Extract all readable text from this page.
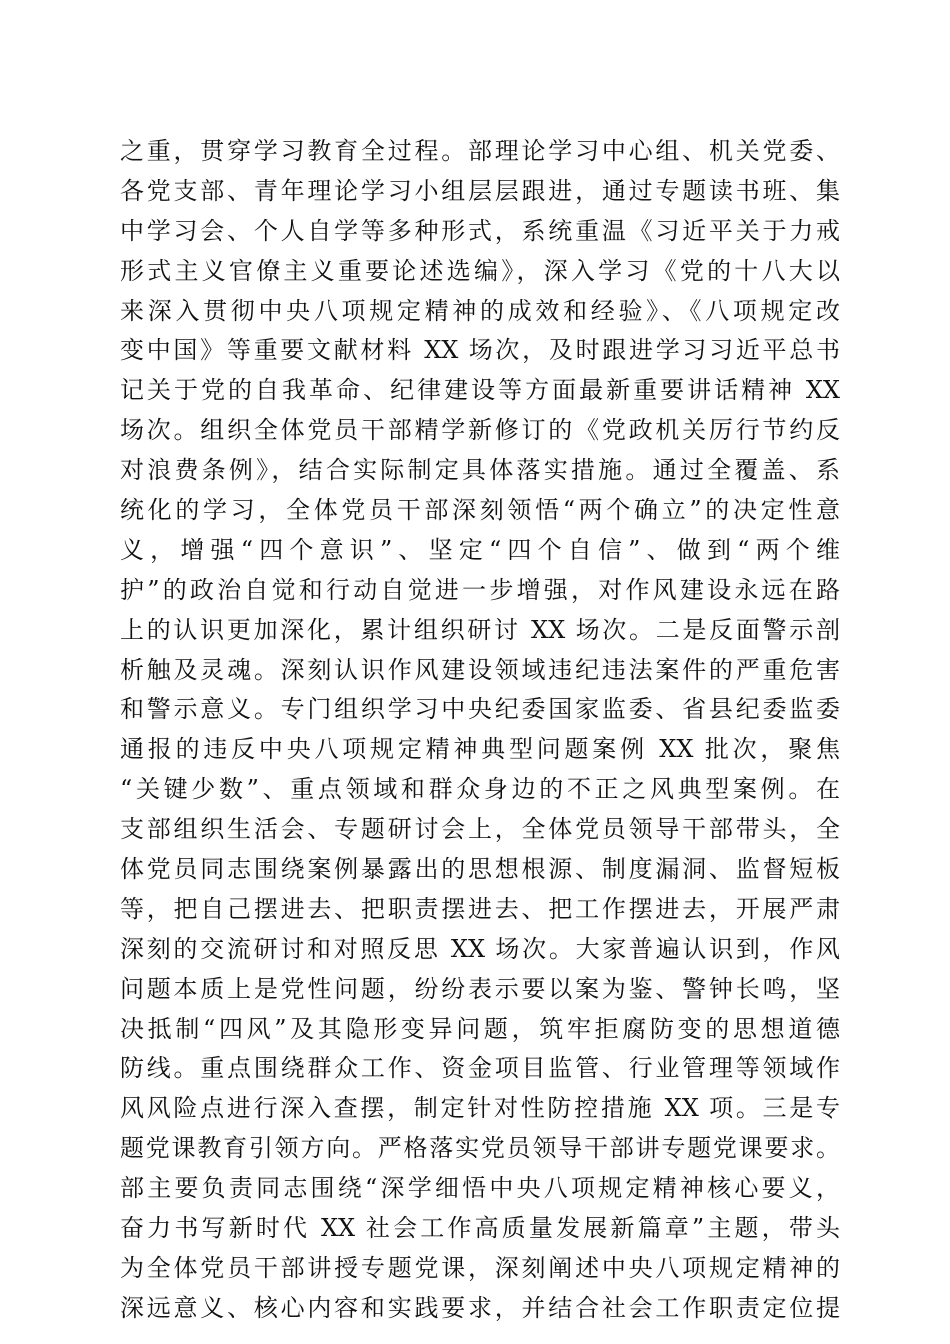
之重，贯穿学习教育全过程。部理论学习中心组、机关党委、
各党支部、青年理论学习小组层层跟进，通过专题读书班、集
中学习会、个人自学等多种形式，系统重温《习近平关于力戒
形式主义官僚主义重要论述选编》，深入学习《党的十八大以
来深入贯彻中央八项规定精神的成效和经验》、《八项规定改
变中国》等重要文献材料 XX 场次，及时跟进学习习近平总书
记关于党的自我革命、纪律建设等方面最新重要讲话精神 XX
场次。组织全体党员干部精学新修订的《党政机关厉行节约反
对浪费条例》，结合实际制定具体落实措施。通过全覆盖、系
统化的学习，全体党员干部深刻领悟“两个确立”的决定性意
义，增强“四个意识”、坚定“四个自信”、做到“两个维
护”的政治自觉和行动自觉进一步增强，对作风建设永远在路
上的认识更加深化，累计组织研讨 XX 场次。二是反面警示剖
析触及灵魂。深刻认识作风建设领域违纪违法案件的严重危害
和警示意义。专门组织学习中央纪委国家监委、省县纪委监委
通报的违反中央八项规定精神典型问题案例 XX 批次，聚焦
“关键少数”、重点领域和群众身边的不正之风典型案例。在
支部组织生活会、专题研讨会上，全体党员领导干部带头，全
体党员同志围绕案例暴露出的思想根源、制度漏洞、监督短板
等，把自己摆进去、把职责摆进去、把工作摆进去，开展严肃
深刻的交流研讨和对照反思 XX 场次。大家普遍认识到，作风
问题本质上是党性问题，纷纷表示要以案为鉴、警钟长鸣，坚
决抵制“四风”及其隐形变异问题，筑牢拒腐防变的思想道德
防线。重点围绕群众工作、资金项目监管、行业管理等领域作
风风险点进行深入查摆，制定针对性防控措施 XX 项。三是专
题党课教育引领方向。严格落实党员领导干部讲专题党课要求。
部主要负责同志围绕“深学细悟中央八项规定精神核心要义，
奋力书写新时代 XX 社会工作高质量发展新篇章”主题，带头
为全体党员干部讲授专题党课，深刻阐述中央八项规定精神的
深远意义、核心内容和实践要求，并结合社会工作职责定位提
